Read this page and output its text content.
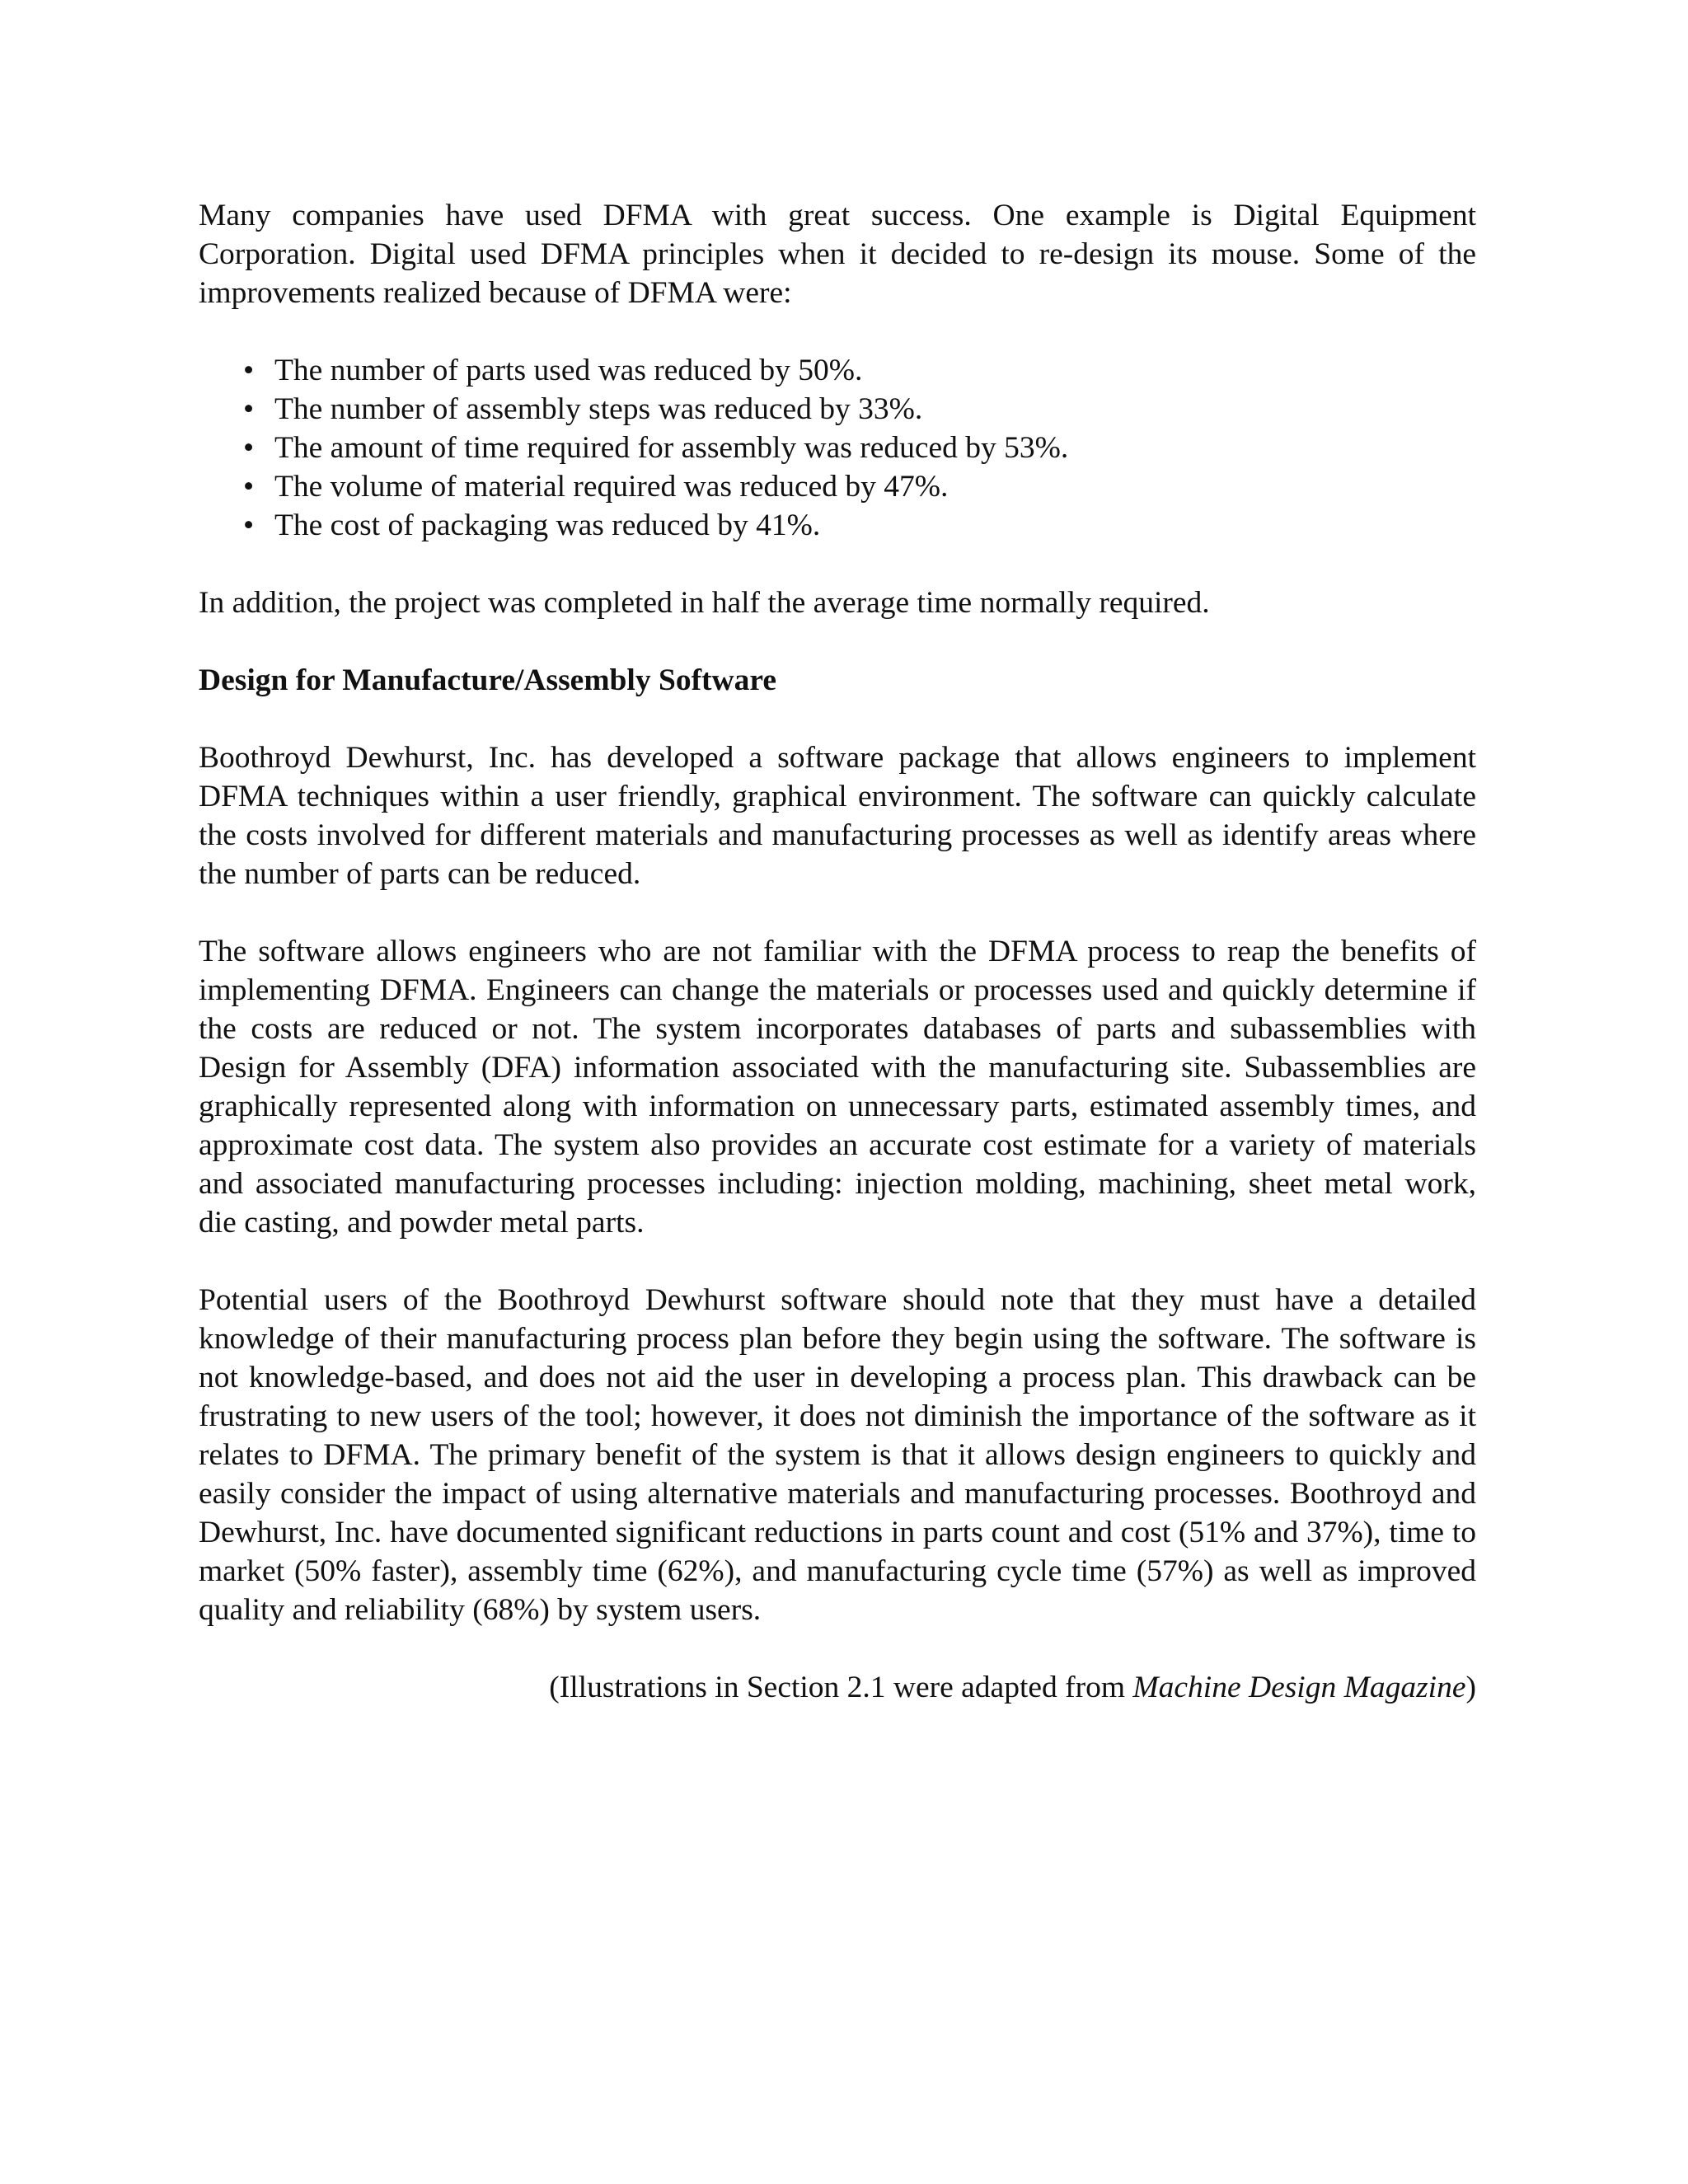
Many companies have used DFMA with great success. One example is Digital Equipment Corporation. Digital used DFMA principles when it decided to re-design its mouse. Some of the improvements realized because of DFMA were:

• The number of parts used was reduced by 50%.
• The number of assembly steps was reduced by 33%.
• The amount of time required for assembly was reduced by 53%.
• The volume of material required was reduced by 47%.
• The cost of packaging was reduced by 41%.

In addition, the project was completed in half the average time normally required.

Design for Manufacture/Assembly Software

Boothroyd Dewhurst, Inc. has developed a software package that allows engineers to implement DFMA techniques within a user friendly, graphical environment. The software can quickly calculate the costs involved for different materials and manufacturing processes as well as identify areas where the number of parts can be reduced.

The software allows engineers who are not familiar with the DFMA process to reap the benefits of implementing DFMA. Engineers can change the materials or processes used and quickly determine if the costs are reduced or not. The system incorporates databases of parts and subassemblies with Design for Assembly (DFA) information associated with the manufacturing site. Subassemblies are graphically represented along with information on unnecessary parts, estimated assembly times, and approximate cost data. The system also provides an accurate cost estimate for a variety of materials and associated manufacturing processes including: injection molding, machining, sheet metal work, die casting, and powder metal parts.

Potential users of the Boothroyd Dewhurst software should note that they must have a detailed knowledge of their manufacturing process plan before they begin using the software. The software is not knowledge-based, and does not aid the user in developing a process plan. This drawback can be frustrating to new users of the tool; however, it does not diminish the importance of the software as it relates to DFMA. The primary benefit of the system is that it allows design engineers to quickly and easily consider the impact of using alternative materials and manufacturing processes. Boothroyd and Dewhurst, Inc. have documented significant reductions in parts count and cost (51% and 37%), time to market (50% faster), assembly time (62%), and manufacturing cycle time (57%) as well as improved quality and reliability (68%) by system users.

(Illustrations in Section 2.1 were adapted from Machine Design Magazine)
